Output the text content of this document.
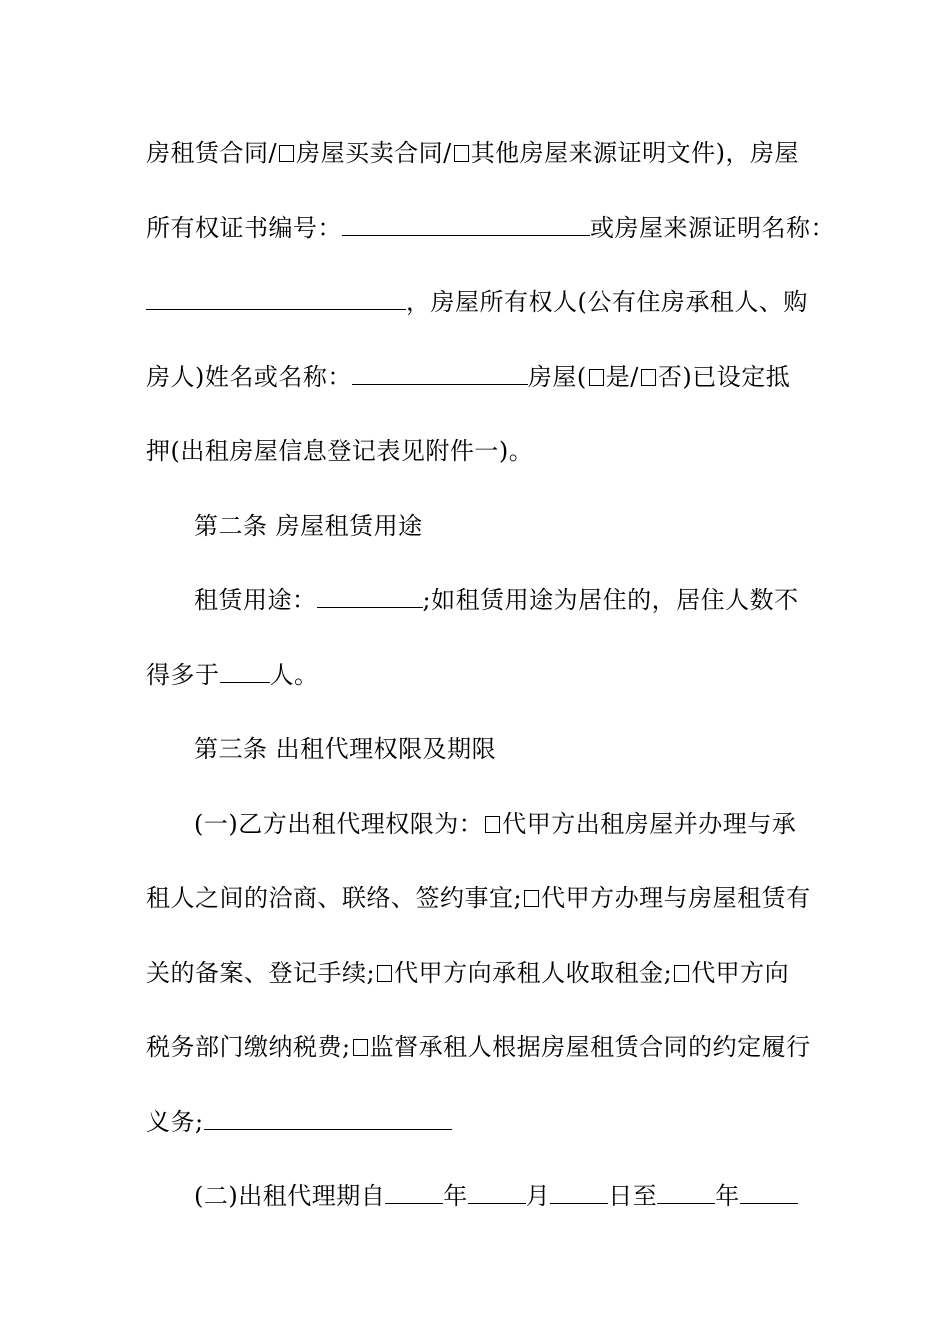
房租赁合同/ 房屋买卖合同/ 其他房屋来源证明文件)，房屋
所有权证书编号：	或房屋来源证明名称：
，房屋所有权人(公有住房承租人、购
房人)姓名或名称：	房屋( 是/ 否)已设定抵
押(出租房屋信息登记表见附件一)。
第二条 房屋租赁用途
租赁用途：	;如租赁用途为居住的，居住人数不
得多于 人。
第三条 出租代理权限及期限
(一)乙方出租代理权限为： 代甲方出租房屋并办理与承
租人之间的洽商、联络、签约事宜; 代甲方办理与房屋租赁有
关的备案、登记手续; 代甲方向承租人收取租金; 代甲方向
税务部门缴纳税费; 监督承租人根据房屋租赁合同的约定履行
义务;
(二)出租代理期自 年 月 日至 年
